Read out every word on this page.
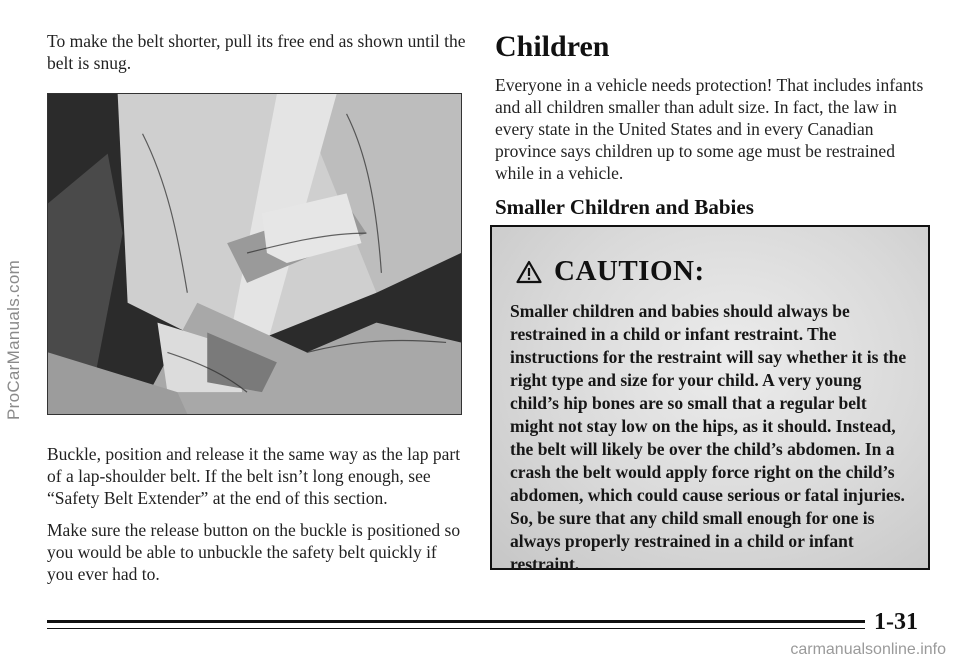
ProCarManuals.com

To make the belt shorter, pull its free end as shown until the belt is snug.

Buckle, position and release it the same way as the lap part of a lap-shoulder belt. If the belt isn’t long enough, see “Safety Belt Extender” at the end of this section.

Make sure the release button on the buckle is positioned so you would be able to unbuckle the safety belt quickly if you ever had to.

Children

Everyone in a vehicle needs protection! That includes infants and all children smaller than adult size. In fact, the law in every state in the United States and in every Canadian province says children up to some age must be restrained while in a vehicle.

Smaller Children and Babies
CAUTION:

Smaller children and babies should always be restrained in a child or infant restraint. The instructions for the restraint will say whether it is the right type and size for your child. A very young child’s hip bones are so small that a regular belt might not stay low on the hips, as it should. Instead, the belt will likely be over the child’s abdomen. In a crash the belt would apply force right on the child’s abdomen, which could cause serious or fatal injuries. So, be sure that any child small enough for one is always properly restrained in a child or infant restraint.

1-31
carmanualsonline.info
